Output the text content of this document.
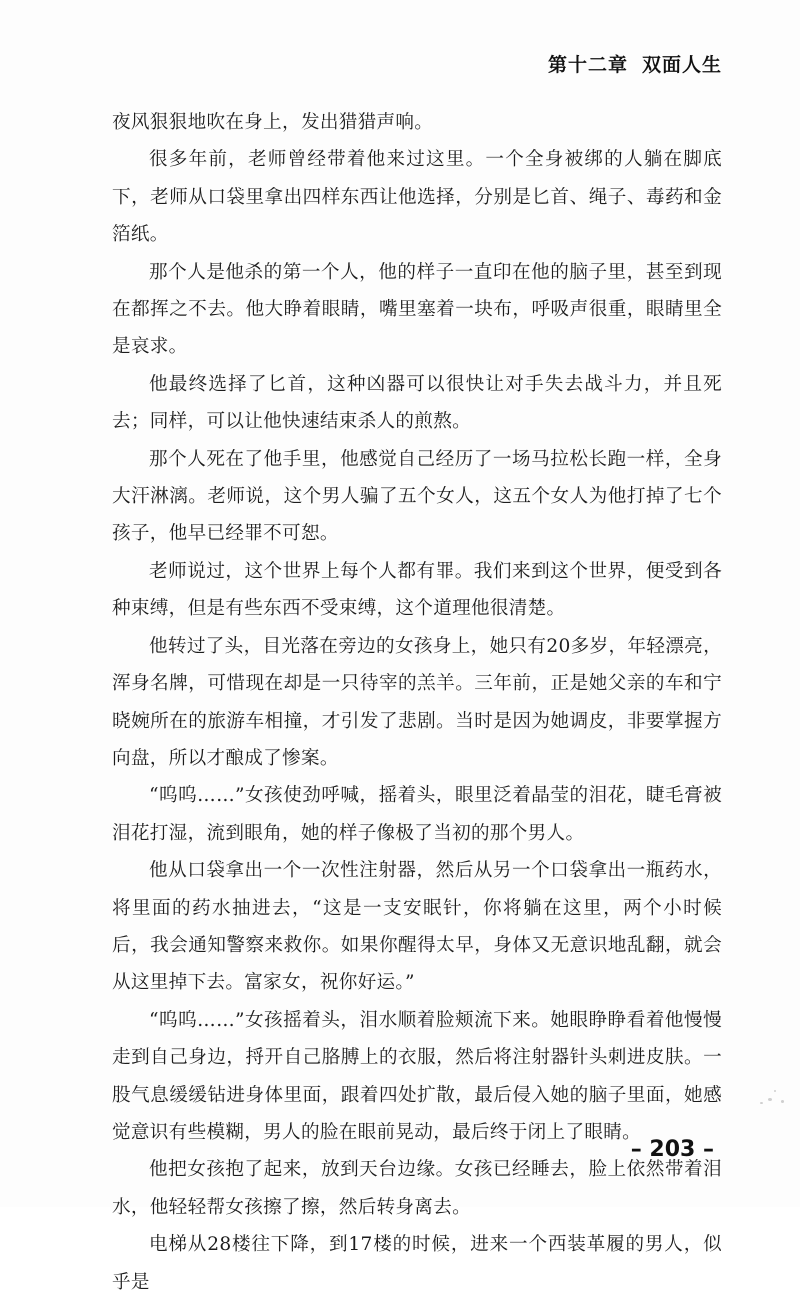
第十二章 双面人生

夜风狠狠地吹在身上，发出猎猎声响。

很多年前，老师曾经带着他来过这里。一个全身被绑的人躺在脚底下，老师从口袋里拿出四样东西让他选择，分别是匕首、绳子、毒药和金箔纸。

那个人是他杀的第一个人，他的样子一直印在他的脑子里，甚至到现在都挥之不去。他大睁着眼睛，嘴里塞着一块布，呼吸声很重，眼睛里全是哀求。

他最终选择了匕首，这种凶器可以很快让对手失去战斗力，并且死去；同样，可以让他快速结束杀人的煎熬。

那个人死在了他手里，他感觉自己经历了一场马拉松长跑一样，全身大汗淋漓。老师说，这个男人骗了五个女人，这五个女人为他打掉了七个孩子，他早已经罪不可恕。

老师说过，这个世界上每个人都有罪。我们来到这个世界，便受到各种束缚，但是有些东西不受束缚，这个道理他很清楚。

他转过了头，目光落在旁边的女孩身上，她只有20多岁，年轻漂亮，浑身名牌，可惜现在却是一只待宰的羔羊。三年前，正是她父亲的车和宁晓婉所在的旅游车相撞，才引发了悲剧。当时是因为她调皮，非要掌握方向盘，所以才酿成了惨案。

“呜呜……”女孩使劲呼喊，摇着头，眼里泛着晶莹的泪花，睫毛膏被泪花打湿，流到眼角，她的样子像极了当初的那个男人。

他从口袋拿出一个一次性注射器，然后从另一个口袋拿出一瓶药水，将里面的药水抽进去，“这是一支安眠针，你将躺在这里，两个小时候后，我会通知警察来救你。如果你醒得太早，身体又无意识地乱翻，就会从这里掉下去。富家女，祝你好运。”

“呜呜……”女孩摇着头，泪水顺着脸颊流下来。她眼睁睁看着他慢慢走到自己身边，捋开自己胳膊上的衣服，然后将注射器针头刺进皮肤。一股气息缓缓钻进身体里面，跟着四处扩散，最后侵入她的脑子里面，她感觉意识有些模糊，男人的脸在眼前晃动，最后终于闭上了眼睛。

他把女孩抱了起来，放到天台边缘。女孩已经睡去，脸上依然带着泪水，他轻轻帮女孩擦了擦，然后转身离去。

电梯从28楼往下降，到17楼的时候，进来一个西装革履的男人，似乎是

– 203 –
